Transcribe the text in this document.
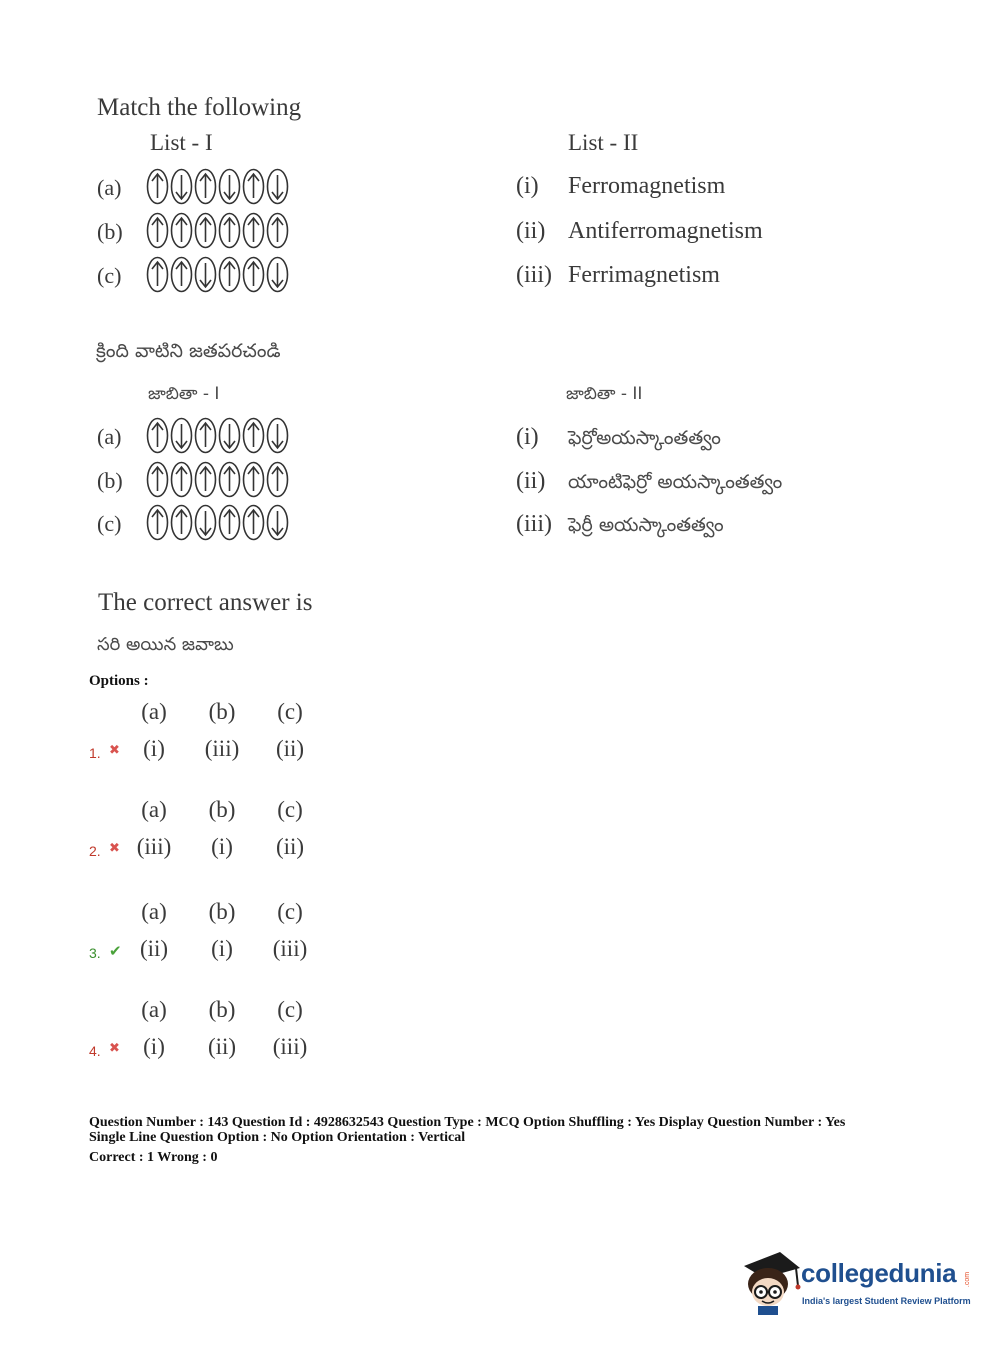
Match the following
List - I	List - II
(a)
(b)
(c)
(i) Ferromagnetism
(ii) Antiferromagnetism
(iii) Ferrimagnetism
క్రింది వాటిని జతపరచండి
జాబితా - I	జాబితా - II
(a)
(b)
(c)
(i) ఫెర్రోఅయస్కాంతత్వం
(ii) యాంటిఫెర్రో అయస్కాంతత్వం
(iii) ఫెర్రీ అయస్కాంతత్వం
The correct answer is
సరి అయిన జవాబు
Options :
(a)	(b)	(c)
(i)	(iii)	(ii)
1. ✖
(a)	(b)	(c)
(iii)	(i)	(ii)
2. ✖
(a)	(b)	(c)
(ii)	(i)	(iii)
3. ✔
(a)	(b)	(c)
(i)	(ii)	(iii)
4. ✖
Question Number : 143 Question Id : 4928632543 Question Type : MCQ Option Shuffling : Yes Display Question Number : Yes
Single Line Question Option : No Option Orientation : Vertical
Correct : 1 Wrong : 0
collegedunia .com
India's largest Student Review Platform
